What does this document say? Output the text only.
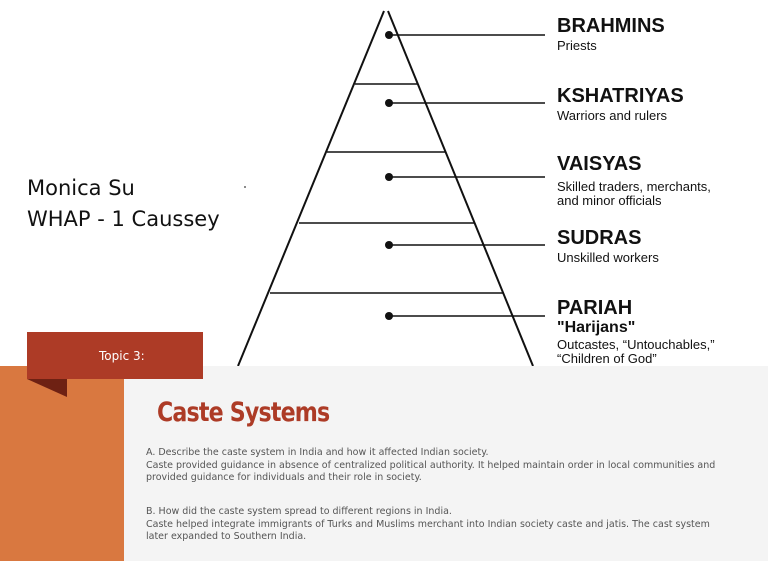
BRAHMINS
Priests
KSHATRIYAS
Warriors and rulers
VAISYAS
Skilled traders, merchants,
and minor officials
SUDRAS
Unskilled workers
PARIAH
"Harijans"
Outcastes, “Untouchables,”
“Children of God”
Monica Su
WHAP - 1 Caussey
Topic 3:
Caste Systems
A. Describe the caste system in India and how it affected Indian society.
Caste provided guidance in absence of centralized political authority. It helped maintain order in local communities and
provided guidance for individuals and their role in society.
B. How did the caste system spread to different regions in India.
Caste helped integrate immigrants of Turks and Muslims merchant into Indian society caste and jatis. The cast system
later expanded to Southern India.
